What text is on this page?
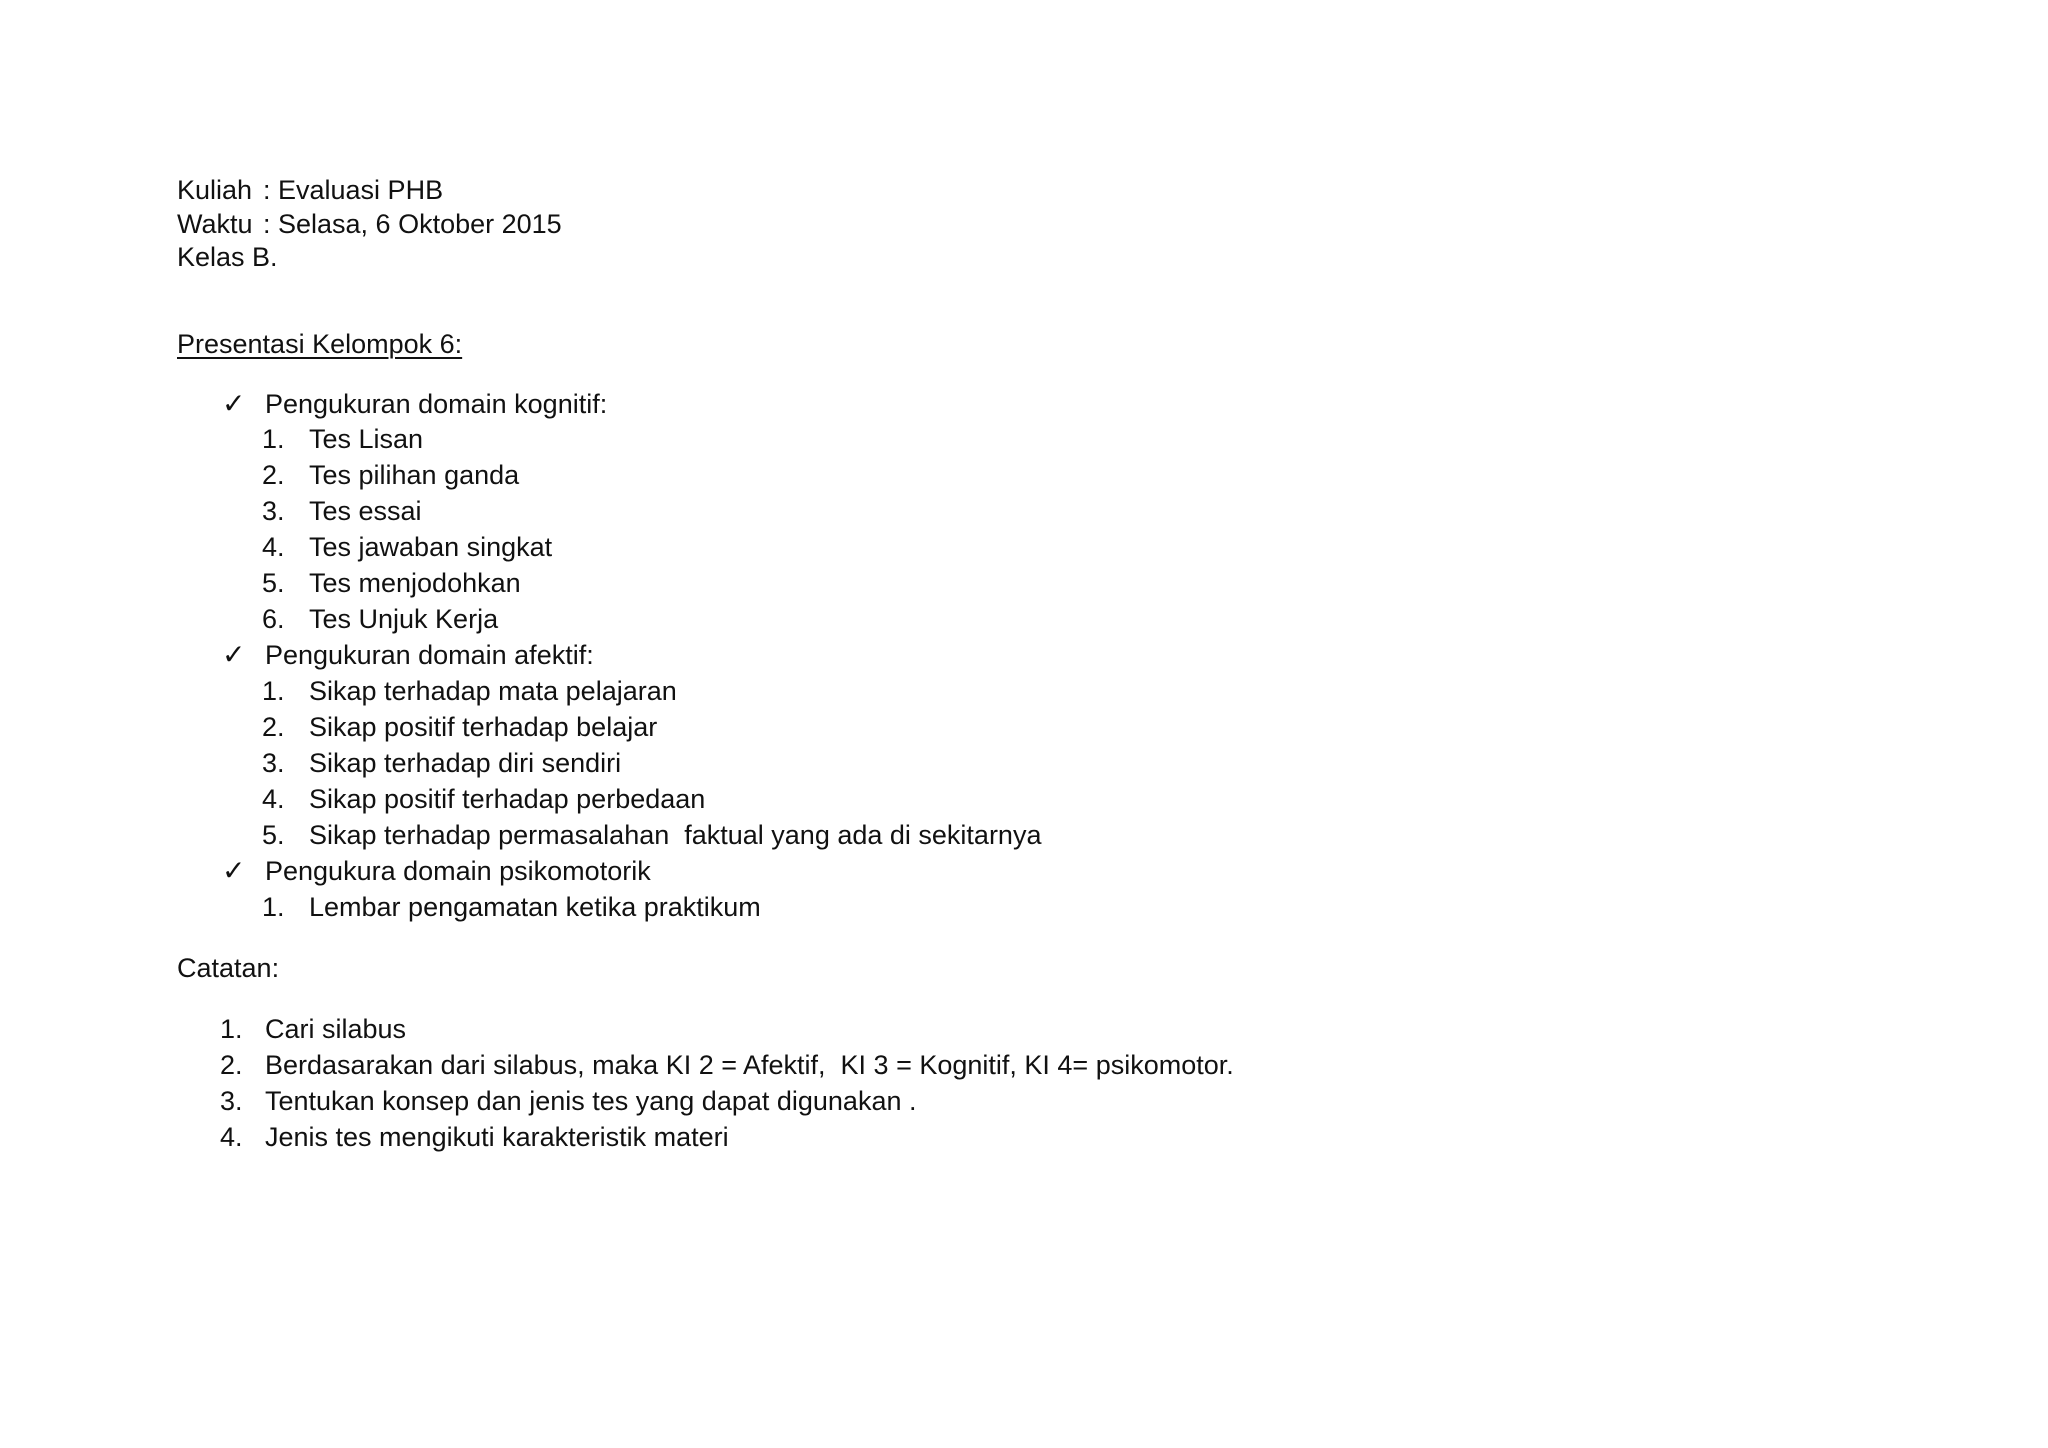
Kuliah : Evaluasi PHB
Waktu : Selasa, 6 Oktober 2015
Kelas B.
Presentasi Kelompok 6:
✓ Pengukuran domain kognitif:
1. Tes Lisan
2. Tes pilihan ganda
3. Tes essai
4. Tes jawaban singkat
5. Tes menjodohkan
6. Tes Unjuk Kerja
✓ Pengukuran domain afektif:
1. Sikap terhadap mata pelajaran
2. Sikap positif terhadap belajar
3. Sikap terhadap diri sendiri
4. Sikap positif terhadap perbedaan
5. Sikap terhadap permasalahan  faktual yang ada di sekitarnya
✓ Pengukura domain psikomotorik
1. Lembar pengamatan ketika praktikum
Catatan:
1. Cari silabus
2. Berdasarakan dari silabus, maka KI 2 = Afektif,  KI 3 = Kognitif, KI 4= psikomotor.
3. Tentukan konsep dan jenis tes yang dapat digunakan .
4. Jenis tes mengikuti karakteristik materi
